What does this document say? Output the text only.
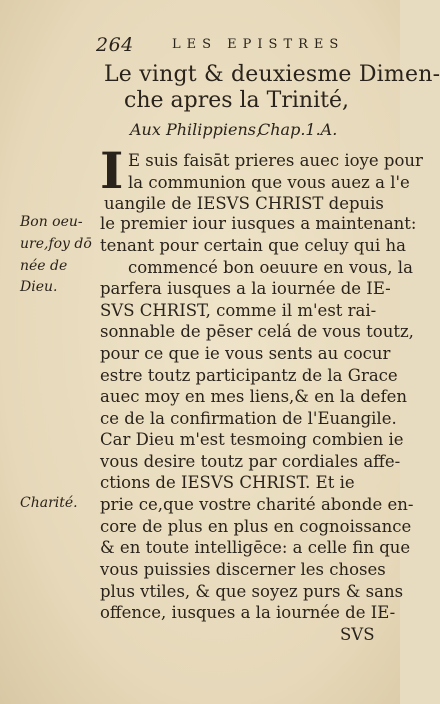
264	LES EPISTRES
Le vingt & deuxiesme Dimen-
che apres la Trinité,
Aux Philippiens,
Chap.1.A.
I E suis faisāt prieres auec ioye pour
la communion que vous auez a l'e
uangile de IESVS CHRIST depuis
le premier iour iusques a maintenant:
tenant pour certain que celuy qui ha
commencé bon oeuure en vous, la
parfera iusques a la iournée de IE-
SVS CHRIST, comme il m'est rai-
sonnable de pēser celá de vous toutz,
pour ce que ie vous sents au cocur
estre toutz participantz de la Grace
auec moy en mes liens,& en la defen
ce de la confirmation de l'Euangile.
Car Dieu m'est tesmoing combien ie
vous desire toutz par cordiales affe-
ctions de IESVS CHRIST. Et ie
prie ce,que vostre charité abonde en-
core de plus en plus en cognoissance
& en toute intelligēce: a celle fin que
vous puissies discerner les choses
plus vtiles, & que soyez purs & sans
offence, iusques a la iournée de IE-
SVS
Bon oeu-
ure,foy dō
née de
Dieu.
Charité.
